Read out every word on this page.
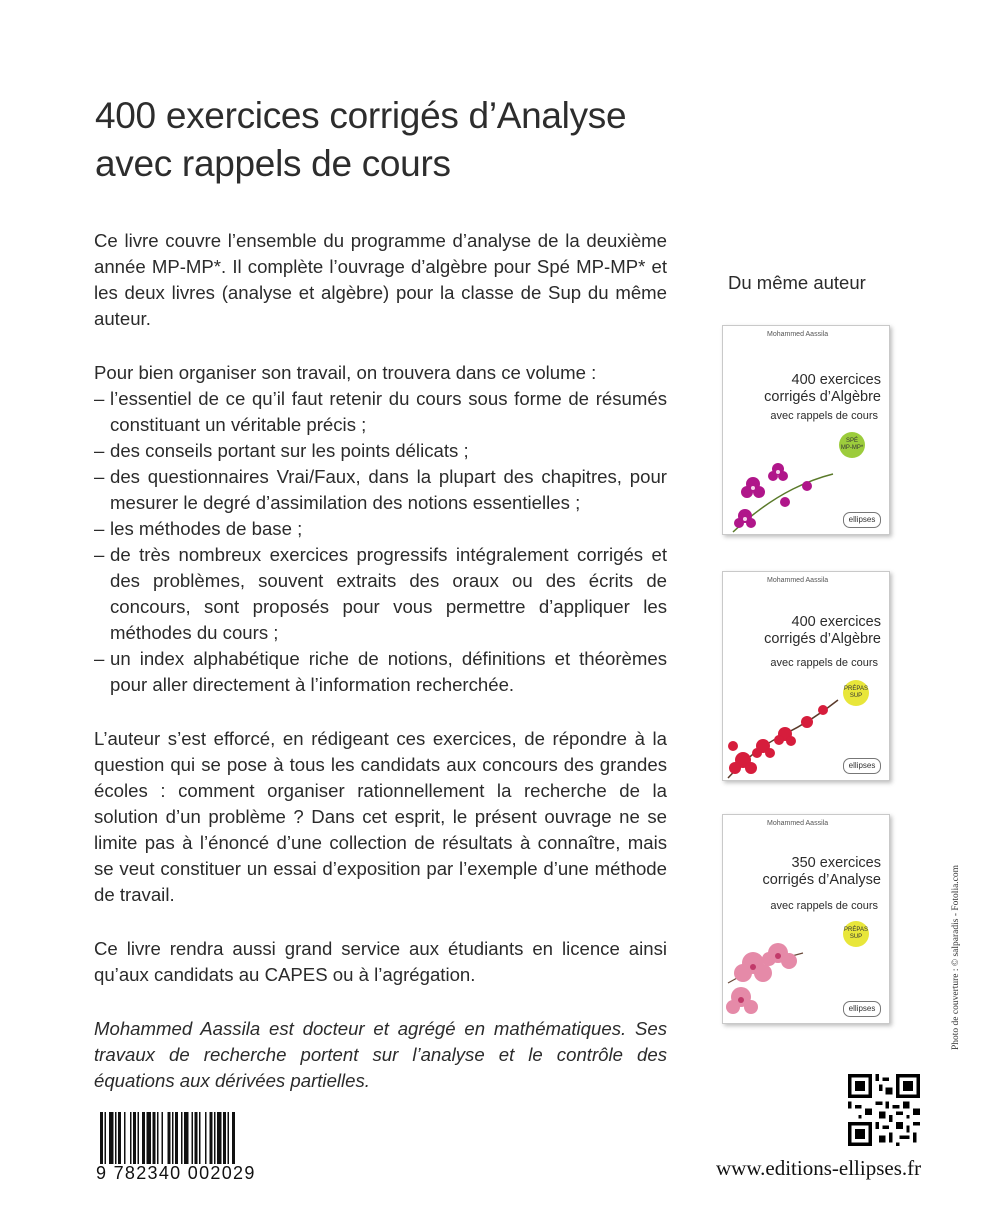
400 exercices corrigés d’Analyse
avec rappels de cours

Ce livre couvre l’ensemble du programme d’analyse de la deuxième année MP-MP*. Il complète l’ouvrage d’algèbre pour Spé MP-MP* et les deux livres (analyse et algèbre) pour la classe de Sup du même auteur.

Pour bien organiser son travail, on trouvera dans ce volume :

– l’essentiel de ce qu’il faut retenir du cours sous forme de résumés constituant un véritable précis ;
– des conseils portant sur les points délicats ;
– des questionnaires Vrai/Faux, dans la plupart des chapitres, pour mesurer le degré d’assimilation des notions essentielles ;
– les méthodes de base ;
– de très nombreux exercices progressifs intégralement corrigés et des problèmes, souvent extraits des oraux ou des écrits de concours, sont proposés pour vous permettre d’appliquer les méthodes du cours ;
– un index alphabétique riche de notions, définitions et théorèmes pour aller directement à l’information recherchée.

L’auteur s’est efforcé, en rédigeant ces exercices, de répondre à la question qui se pose à tous les candidats aux concours des grandes écoles : comment organiser rationnellement la recherche de la solution d’un problème ? Dans cet esprit, le présent ouvrage ne se limite pas à l’énoncé d’une collection de résultats à connaître, mais se veut constituer un essai d’exposition par l’exemple d’une méthode de travail.

Ce livre rendra aussi grand service aux étudiants en licence ainsi qu’aux candidats au CAPES ou à l’agrégation.

Mohammed Aassila est docteur et agrégé en mathématiques. Ses travaux de recherche portent sur l’analyse et le contrôle des équations aux dérivées partielles.

Du même auteur
Mohammed Aassila
400 exercices
corrigés d’Algèbre
avec rappels de cours
SPÉ
MP-MP*
ellipses
Mohammed Aassila
400 exercices
corrigés d’Algèbre
avec rappels de cours
PRÉPAS
SUP
ellipses
Mohammed Aassila
350 exercices
corrigés d’Analyse
avec rappels de cours
PRÉPAS
SUP
ellipses	Photo de couverture : © salparadis - Fotolia.com
www.editions-ellipses.fr
9 782340 002029
